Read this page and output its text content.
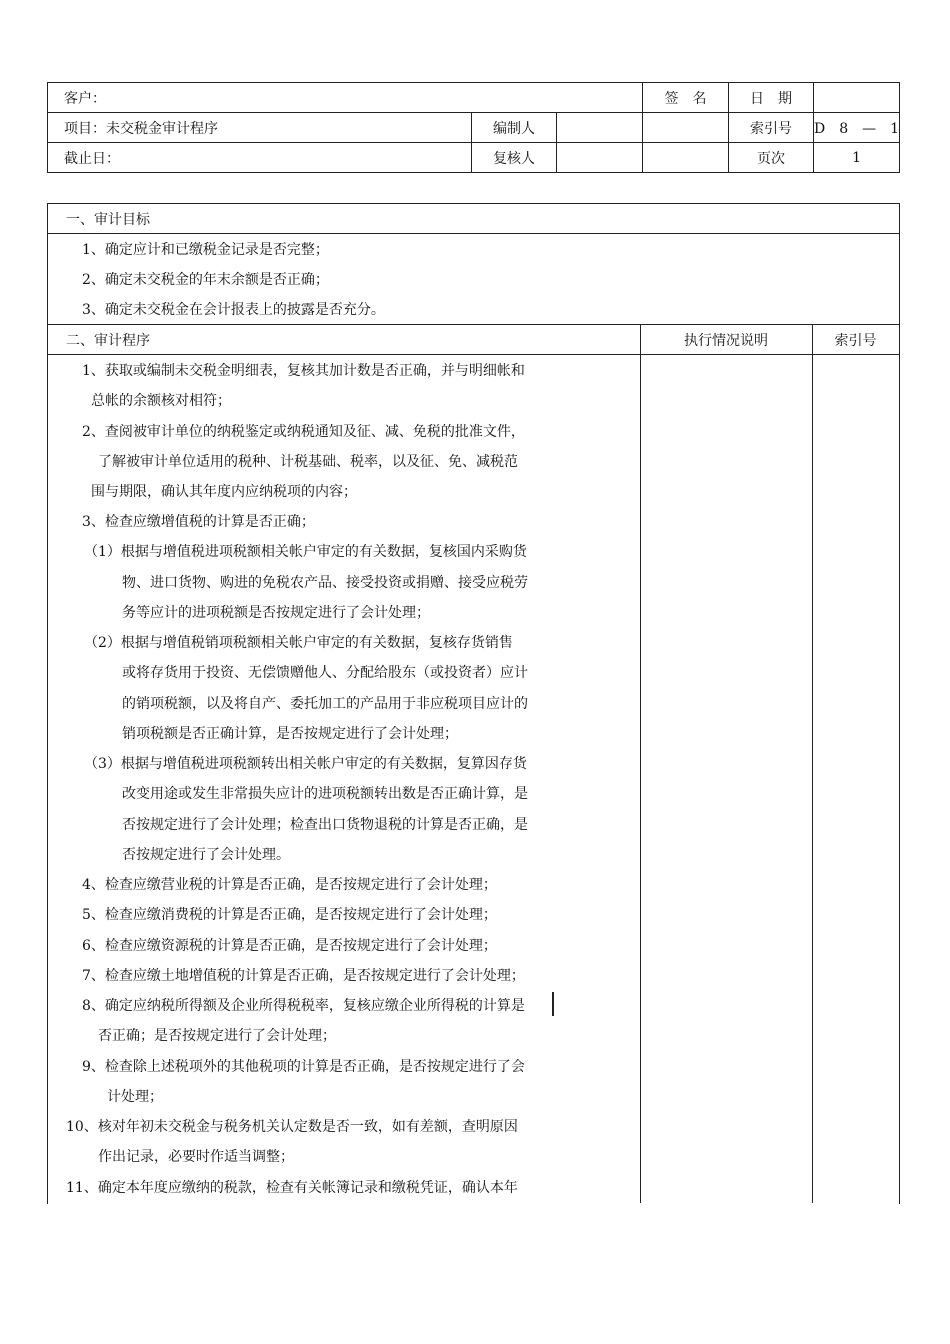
客户：			签　名	日　期	
项目：未交税金审计程序	编制人			索引号	D　8　—　1
截止日：	复核人			页次	1
一、审计目标
1、确定应计和已缴税金记录是否完整；
2、确定未交税金的年末余额是否正确；
3、确定未交税金在会计报表上的披露是否充分。
二、审计程序	执行情况说明	索引号
1、获取或编制未交税金明细表，复核其加计数是否正确，并与明细帐和
总帐的余额核对相符；
2、查阅被审计单位的纳税鉴定或纳税通知及征、减、免税的批准文件，
了解被审计单位适用的税种、计税基础、税率，以及征、免、减税范
围与期限，确认其年度内应纳税项的内容；
3、检查应缴增值税的计算是否正确；
（1）根据与增值税进项税额相关帐户审定的有关数据，复核国内采购货
物、进口货物、购进的免税农产品、接受投资或捐赠、接受应税劳
务等应计的进项税额是否按规定进行了会计处理；
（2）根据与增值税销项税额相关帐户审定的有关数据，复核存货销售
或将存货用于投资、无偿馈赠他人、分配给股东（或投资者）应计
的销项税额，以及将自产、委托加工的产品用于非应税项目应计的
销项税额是否正确计算，是否按规定进行了会计处理；
（3）根据与增值税进项税额转出相关帐户审定的有关数据，复算因存货
改变用途或发生非常损失应计的进项税额转出数是否正确计算，是
否按规定进行了会计处理；检查出口货物退税的计算是否正确，是
否按规定进行了会计处理。
4、检查应缴营业税的计算是否正确，是否按规定进行了会计处理；
5、检查应缴消费税的计算是否正确，是否按规定进行了会计处理；
6、检查应缴资源税的计算是否正确，是否按规定进行了会计处理；
7、检查应缴土地增值税的计算是否正确，是否按规定进行了会计处理；
8、确定应纳税所得额及企业所得税税率，复核应缴企业所得税的计算是
否正确；是否按规定进行了会计处理；
9、检查除上述税项外的其他税项的计算是否正确，是否按规定进行了会
计处理；
10、核对年初未交税金与税务机关认定数是否一致，如有差额，查明原因
作出记录，必要时作适当调整；
11、确定本年度应缴纳的税款，检查有关帐簿记录和缴税凭证，确认本年
